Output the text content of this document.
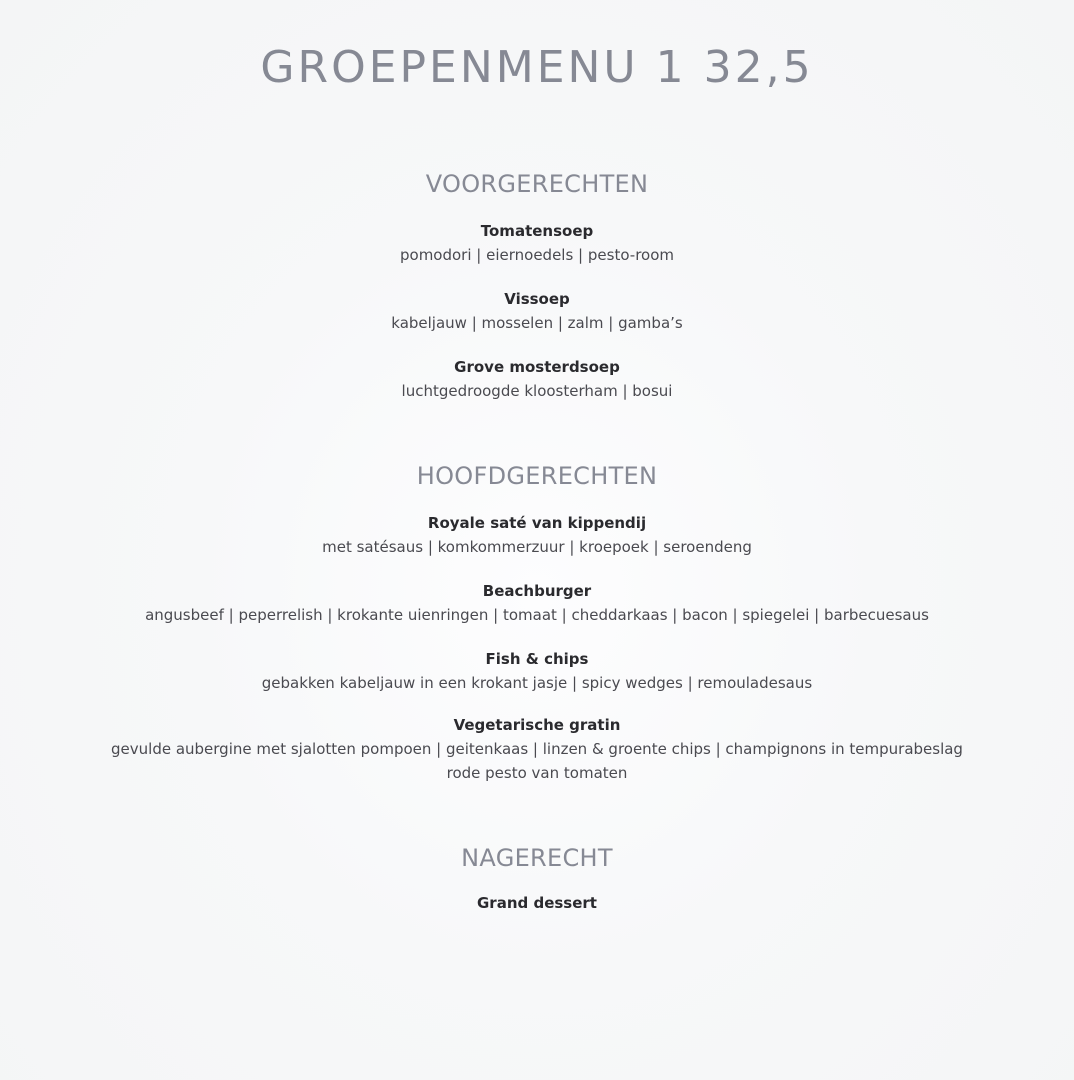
GROEPENMENU 1 32,5
VOORGERECHTEN
Tomatensoep
pomodori | eiernoedels | pesto-room
Vissoep
kabeljauw | mosselen | zalm | gamba’s
Grove mosterdsoep
luchtgedroogde kloosterham | bosui
HOOFDGERECHTEN
Royale saté van kippendij
met satésaus | komkommerzuur | kroepoek | seroendeng
Beachburger
angusbeef | peperrelish | krokante uienringen | tomaat | cheddarkaas | bacon | spiegelei | barbecuesaus
Fish & chips
gebakken kabeljauw in een krokant jasje | spicy wedges | remouladesaus
Vegetarische gratin
gevulde aubergine met sjalotten pompoen | geitenkaas | linzen & groente chips | champignons in tempurabeslag
rode pesto van tomaten
NAGERECHT
Grand dessert
